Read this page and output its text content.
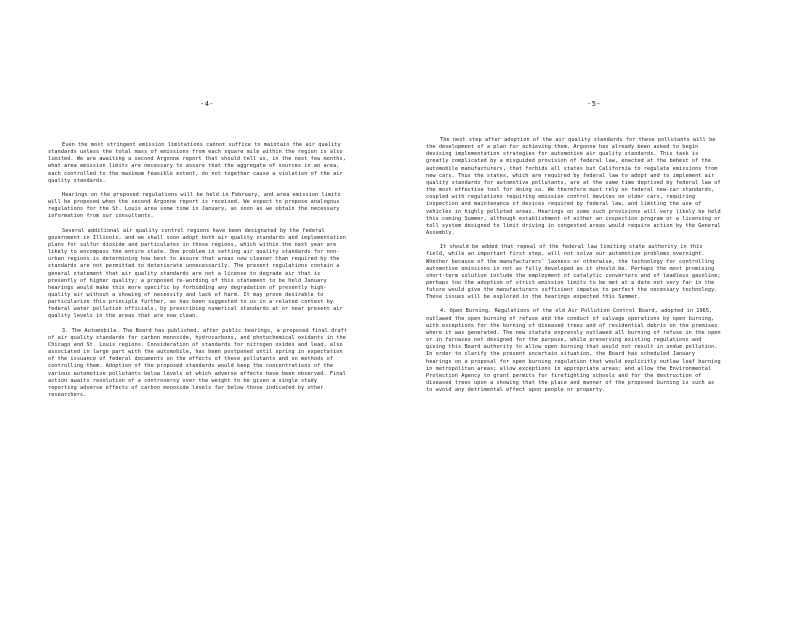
-4-

Even the most stringent emission limitations cannot suffice to maintain the air quality standards unless the total mass of emissions from each square mile within the region is also limited. We are awaiting a second Argonne report that should tell us, in the next few months, what area emission limits are necessary to assure that the aggregate of sources in an area, each controlled to the maximum feasible extent, do not together cause a violation of the air quality standards.

Hearings on the proposed regulations will be held in February, and area emission limits will be proposed when the second Argonne report is received. We expect to propose analogous regulations for the St. Louis area some time in January, as soon as we obtain the necessary information from our consultants.

Several additional air quality control regions have been designated by the federal government in Illinois, and we shall soon adopt both air quality standards and implementation plans for sulfur dioxide and particulates in those regions, which within the next year are likely to encompass the entire state. One problem in setting air quality standards for non-urban regions is determining how best to assure that areas now cleaner than required by the standards are not permitted to deteriorate unnecessarily. The present regulations contain a general statement that air quality standards are not a license to degrade air that is presently of higher quality; a proposed re-wording of this statement to be held January hearings would make this more specific by forbidding any degradation of presently high-quality air without a showing of necessity and lack of harm. It may prove desirable to particularize this principle further, as has been suggested to us in a related context by federal water pollution officials, by prescribing numerical standards at or near present air quality levels in the areas that are now clean.

3. The Automobile. The Board has published, after public hearings, a proposed final draft of air quality standards for carbon monoxide, hydrocarbons, and photochemical oxidants in the Chicago and St. Louis regions. Consideration of standards for nitrogen oxides and lead, also associated in large part with the automobile, has been postponed until spring in expectation of the issuance of federal documents on the effects of these pollutants and on methods of controlling them. Adoption of the proposed standards would keep the concentrations of the various automotive pollutants below levels at which adverse effects have been observed. Final action awaits resolution of a controversy over the weight to be given a single study reporting adverse effects of carbon monoxide levels far below those indicated by other researchers.

-5-

The next step after adoption of the air quality standards for these pollutants will be the development of a plan for achieving them. Argonne has already been asked to begin devising implementation strategies for automotive air quality standards. This task is greatly complicated by a misguided provision of federal law, enacted at the behest of the automobile manufacturers, that forbids all states but California to regulate emissions from new cars. Thus the states, which are required by federal law to adopt and to implement air quality standards for automotive pollutants, are at the same time deprived by federal law of the most effective tool for doing so. We therefore must rely on federal new-car standards, coupled with regulations requiring emission control devices on older cars, requiring inspection and maintenance of devices required by federal law, and limiting the use of vehicles in highly polluted areas. Hearings on some such provisions will very likely be held this coming Summer, although establishment of either an inspection program or a licensing or toll system designed to limit driving in congested areas would require action by the General Assembly.

It should be added that repeal of the federal law limiting state authority in this field, while an important first step, will not solve our automotive problems overnight. Whether because of the manufacturers' laxness or otherwise, the technology for controlling automotive emissions is not as fully developed as it should be. Perhaps the most promising short-term solution include the employment of catalytic converters and of leadless gasoline; perhaps too the adoption of strict emission limits to be met at a date not very far in the future would give the manufacturers sufficient impetus to perfect the necessary technology. These issues will be explored in the hearings expected this Summer.

4. Open Burning. Regulations of the old Air Pollution Control Board, adopted in 1965, outlawed the open burning of refuse and the conduct of salvage operations by open burning, with exceptions for the burning of diseased trees and of residential debris on the premises where it was generated. The new statute expressly outlawed all burning of refuse in the open or in furnaces not designed for the purpose, while preserving existing regulations and giving this Board authority to allow open burning that would not result in undue pollution. In order to clarify the present uncertain situation, the Board has scheduled January hearings on a proposal for open burning regulation that would explicitly outlaw leaf burning in metropolitan areas; allow exceptions in appropriate areas; and allow the Environmental Protection Agency to grant permits for firefighting schools and for the destruction of diseased trees upon a showing that the place and manner of the proposed burning is such as to avoid any detrimental effect upon people or property.
